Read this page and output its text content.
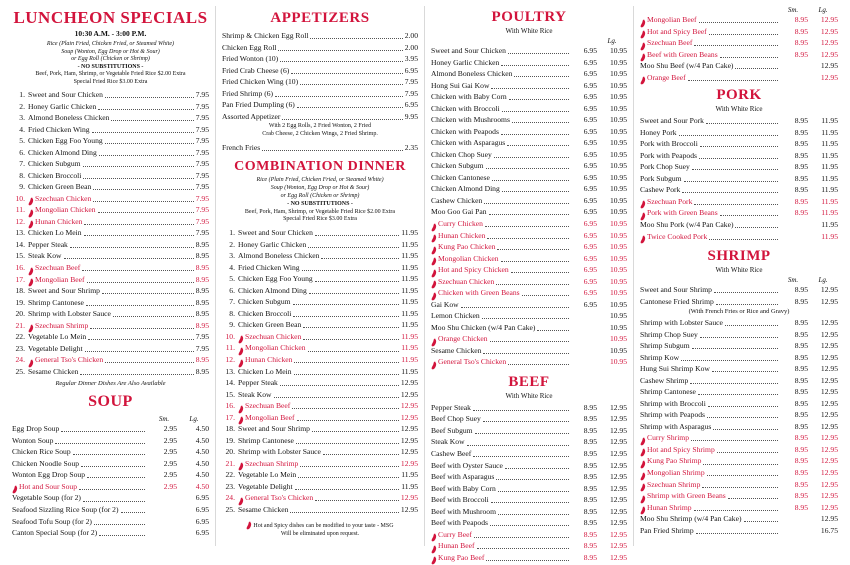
LUNCHEON SPECIALS
10:30 A.M. - 3:00 P.M.
Rice (Plain Fried, Chicken Fried, or Steamed White)
Soup (Wonton, Egg Drop or Hot & Sour)
or Egg Roll (Chicken or Shrimp)
- NO SUBSTITUTIONS -
Beef, Pork, Ham, Shrimp, or Vegetable Fried Rice $2.00 Extra
Special Fried Rice $3.00 Extra
1. Sweet and Sour Chicken	7.95
2. Honey Garlic Chicken	7.95
3. Almond Boneless Chicken	7.95
4. Fried Chicken Wing	7.95
5. Chicken Egg Foo Young	7.95
6. Chicken Almond Ding	7.95
7. Chicken Subgum	7.95
8. Chicken Broccoli	7.95
9. Chicken Green Bean	7.95
10.	Szechuan Chicken	7.95
11.	Mongolian Chicken	7.95
12.	Hunan Chicken	7.95
13. Chicken Lo Mein	7.95
14. Pepper Steak	8.95
15. Steak Kow	8.95
16.	Szechuan Beef	8.95
17.	Mongolian Beef	8.95
18. Sweet and Sour Shrimp	8.95
19. Shrimp Cantonese	8.95
20. Shrimp with Lobster Sauce	8.95
21.	Szechuan Shrimp	8.95
22. Vegetable Lo Mein	7.95
23. Vegetable Delight	7.95
24.	General Tso's Chicken	8.95
25. Sesame Chicken	8.95
Regular Dinner Dishes Are Also Available
SOUP
Sm.	Lg.
Egg Drop Soup	2.95	4.50
Wonton Soup	2.95	4.50
Chicken Rice Soup	2.95	4.50
Chicken Noodle Soup	2.95	4.50
Wonton Egg Drop Soup	2.95	4.50
Hot and Sour Soup	2.95	4.50
Vegetable Soup (for 2)	6.95
Seafood Sizzling Rice Soup (for 2)	6.95
Seafood Tofu Soup (for 2)	6.95
Canton Special Soup (for 2)	6.95
APPETIZERS
Shrimp & Chicken Egg Roll	2.00
Chicken Egg Roll	2.00
Fried Wonton (10)	3.95
Fried Crab Cheese (6)	6.95
Fried Chicken Wing (10)	7.95
Fried Shrimp (6)	7.95
Pan Fried Dumpling (6)	6.95
Assorted Appetizer	9.95
With 2 Egg Rolls, 2 Fried Wonton, 2 Fried
Crab Cheese, 2 Chicken Wings, 2 Fried Shrimp.
French Fries	2.35
COMBINATION DINNER
Rice (Plain Fried, Chicken Fried, or Steamed White)
Soup (Wonton, Egg Drop or Hot & Sour)
or Egg Roll (Chicken or Shrimp)
- NO SUBSTITUTIONS -
Beef, Pork, Ham, Shrimp, or Vegetable Fried Rice $2.00 Extra
Special Fried Rice $3.00 Extra
1. Sweet and Sour Chicken	11.95
2. Honey Garlic Chicken	11.95
3. Almond Boneless Chicken	11.95
4. Fried Chicken Wing	11.95
5. Chicken Egg Foo Young	11.95
6. Chicken Almond Ding	11.95
7. Chicken Subgum	11.95
8. Chicken Broccoli	11.95
9. Chicken Green Bean	11.95
10.	Szechuan Chicken	11.95
11.	Mongolian Chicken	11.95
12.	Hunan Chicken	11.95
13. Chicken Lo Mein	11.95
14. Pepper Steak	12.95
15. Steak Kow	12.95
16.	Szechuan Beef	12.95
17.	Mongolian Beef	12.95
18. Sweet and Sour Shrimp	12.95
19. Shrimp Cantonese	12.95
20. Shrimp with Lobster Sauce	12.95
21.	Szechuan Shrimp	12.95
22. Vegetable Lo Mein	11.95
23. Vegetable Delight	11.95
24.	General Tso's Chicken	12.95
25. Sesame Chicken	12.95
Hot and Spicy dishes can be modified to your taste - MSG
Will be eliminated upon request.
POULTRY
With White Rice
Lg.
Sweet and Sour Chicken	6.95	10.95
Honey Garlic Chicken	6.95	10.95
Almond Boneless Chicken	6.95	10.95
Hong Sui Gai Kow	6.95	10.95
Chicken with Baby Corn	6.95	10.95
Chicken with Broccoli	6.95	10.95
Chicken with Mushrooms	6.95	10.95
Chicken with Peapods	6.95	10.95
Chicken with Asparagus	6.95	10.95
Chicken Chop Suey	6.95	10.95
Chicken Subgum	6.95	10.95
Chicken Cantonese	6.95	10.95
Chicken Almond Ding	6.95	10.95
Cashew Chicken	6.95	10.95
Moo Goo Gai Pan	6.95	10.95
Curry Chicken	6.95	10.95
Hunan Chicken	6.95	10.95
Kung Pao Chicken	6.95	10.95
Mongolian Chicken	6.95	10.95
Hot and Spicy Chicken	6.95	10.95
Szechuan Chicken	6.95	10.95
Chicken with Green Beans	6.95	10.95
Gai Kow	6.95	10.95
Lemon Chicken	10.95
Moo Shu Chicken (w/4 Pan Cake)	10.95
Orange Chicken	10.95
Sesame Chicken	10.95
General Tso's Chicken	10.95
BEEF
With White Rice
Pepper Steak	8.95	12.95
Beef Chop Suey	8.95	12.95
Beef Subgum	8.95	12.95
Steak Kow	8.95	12.95
Cashew Beef	8.95	12.95
Beef with Oyster Sauce	8.95	12.95
Beef with Asparagus	8.95	12.95
Beef with Baby Corn	8.95	12.95
Beef with Broccoli	8.95	12.95
Beef with Mushroom	8.95	12.95
Beef with Peapods	8.95	12.95
Curry Beef	8.95	12.95
Hunan Beef	8.95	12.95
Kung Pao Beef	8.95	12.95
Sm.	Lg.
Mongolian Beef	8.95	12.95
Hot and Spicy Beef	8.95	12.95
Szechuan Beef	8.95	12.95
Beef with Green Beans	8.95	12.95
Moo Shu Beef (w/4 Pan Cake)	12.95
Orange Beef	12.95
PORK
With White Rice
Sweet and Sour Pork	8.95	11.95
Honey Pork	8.95	11.95
Pork with Broccoli	8.95	11.95
Pork with Peapods	8.95	11.95
Pork Chop Suey	8.95	11.95
Pork Subgum	8.95	11.95
Cashew Pork	8.95	11.95
Szechuan Pork	8.95	11.95
Pork with Green Beans	8.95	11.95
Moo Shu Pork (w/4 Pan Cake)	11.95
Twice Cooked Pork	11.95
SHRIMP
With White Rice
Sm.	Lg.
Sweet and Sour Shrimp	8.95	12.95
Cantonese Fried Shrimp	8.95	12.95
(With French Fries or Rice and Gravy)
Shrimp with Lobster Sauce	8.95	12.95
Shrimp Chop Suey	8.95	12.95
Shrimp Subgum	8.95	12.95
Shrimp Kow	8.95	12.95
Hung Sui Shrimp Kow	8.95	12.95
Cashew Shrimp	8.95	12.95
Shrimp Cantonese	8.95	12.95
Shrimp with Broccoli	8.95	12.95
Shrimp with Peapods	8.95	12.95
Shrimp with Asparagus	8.95	12.95
Curry Shrimp	8.95	12.95
Hot and Spicy Shrimp	8.95	12.95
Kung Pao Shrimp	8.95	12.95
Mongolian Shrimp	8.95	12.95
Szechuan Shrimp	8.95	12.95
Shrimp with Green Beans	8.95	12.95
Hunan Shrimp	8.95	12.95
Moo Shu Shrimp (w/4 Pan Cake)	12.95
Pan Fried Shrimp	16.75
